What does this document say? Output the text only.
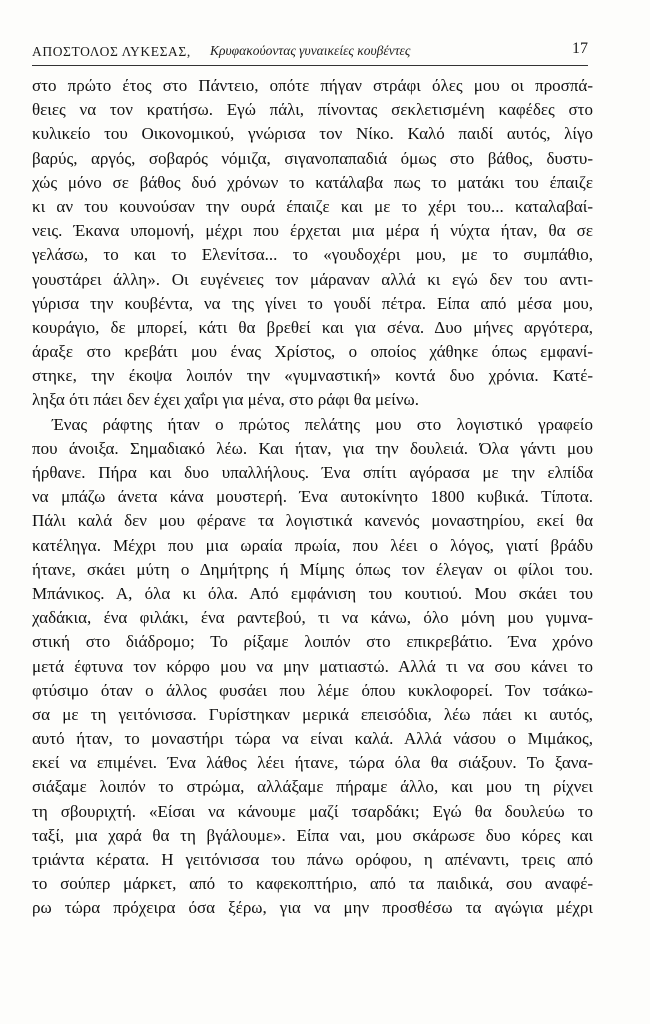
ΑΠΟΣΤΟΛΟΣ ΛΥΚΕΣΑΣ, Κρυφακούοντας γυναικείες κουβέντες	17
στο πρώτο έτος στο Πάντειο, οπότε πήγαν στράφι όλες μου οι προσπά-
θειες να τον κρατήσω. Εγώ πάλι, πίνοντας σεκλετισμένη καφέδες στο
κυλικείο του Οικονομικού, γνώρισα τον Νίκο. Καλό παιδί αυτός, λίγο
βαρύς, αργός, σοβαρός νόμιζα, σιγανοπαπαδιά όμως στο βάθος, δυστυ-
χώς μόνο σε βάθος δυό χρόνων το κατάλαβα πως το ματάκι του έπαιζε
κι αν του κουνούσαν την ουρά έπαιζε και με το χέρι του... καταλαβαί-
νεις. Έκανα υπομονή, μέχρι που έρχεται μια μέρα ή νύχτα ήταν, θα σε
γελάσω, το και το Ελενίτσα... το «γουδοχέρι μου, με το συμπάθιο,
γουστάρει άλλη». Οι ευγένειες τον μάραναν αλλά κι εγώ δεν του αντι-
γύρισα την κουβέντα, να της γίνει το γουδί πέτρα. Είπα από μέσα μου,
κουράγιο, δε μπορεί, κάτι θα βρεθεί και για σένα. Δυο μήνες αργότερα,
άραξε στο κρεβάτι μου ένας Χρίστος, ο οποίος χάθηκε όπως εμφανί-
στηκε, την έκοψα λοιπόν την «γυμναστική» κοντά δυο χρόνια. Κατέ-
ληξα ότι πάει δεν έχει χαΐρι για μένα, στο ράφι θα μείνω.
Ένας ράφτης ήταν ο πρώτος πελάτης μου στο λογιστικό γραφείο
που άνοιξα. Σημαδιακό λέω. Και ήταν, για την δουλειά. Όλα γάντι μου
ήρθανε. Πήρα και δυο υπαλλήλους. Ένα σπίτι αγόρασα με την ελπίδα
να μπάζω άνετα κάνα μουστερή. Ένα αυτοκίνητο 1800 κυβικά. Τίποτα.
Πάλι καλά δεν μου φέρανε τα λογιστικά κανενός μοναστηρίου, εκεί θα
κατέληγα. Μέχρι που μια ωραία πρωία, που λέει ο λόγος, γιατί βράδυ
ήτανε, σκάει μύτη ο Δημήτρης ή Μίμης όπως τον έλεγαν οι φίλοι του.
Μπάνικος. Α, όλα κι όλα. Από εμφάνιση του κουτιού. Μου σκάει του
χαδάκια, ένα φιλάκι, ένα ραντεβού, τι να κάνω, όλο μόνη μου γυμνα-
στική στο διάδρομο; Το ρίξαμε λοιπόν στο επικρεβάτιο. Ένα χρόνο
μετά έφτυνα τον κόρφο μου να μην ματιαστώ. Αλλά τι να σου κάνει το
φτύσιμο όταν ο άλλος φυσάει που λέμε όπου κυκλοφορεί. Τον τσάκω-
σα με τη γειτόνισσα. Γυρίστηκαν μερικά επεισόδια, λέω πάει κι αυτός,
αυτό ήταν, το μοναστήρι τώρα να είναι καλά. Αλλά νάσου ο Μιμάκος,
εκεί να επιμένει. Ένα λάθος λέει ήτανε, τώρα όλα θα σιάξουν. Το ξανα-
σιάξαμε λοιπόν το στρώμα, αλλάξαμε πήραμε άλλο, και μου τη ρίχνει
τη σβουριχτή. «Είσαι να κάνουμε μαζί τσαρδάκι; Εγώ θα δουλεύω το
ταξί, μια χαρά θα τη βγάλουμε». Είπα ναι, μου σκάρωσε δυο κόρες και
τριάντα κέρατα. Η γειτόνισσα του πάνω ορόφου, η απέναντι, τρεις από
το σούπερ μάρκετ, από το καφεκοπτήριο, από τα παιδικά, σου αναφέ-
ρω τώρα πρόχειρα όσα ξέρω, για να μην προσθέσω τα αγώγια μέχρι
